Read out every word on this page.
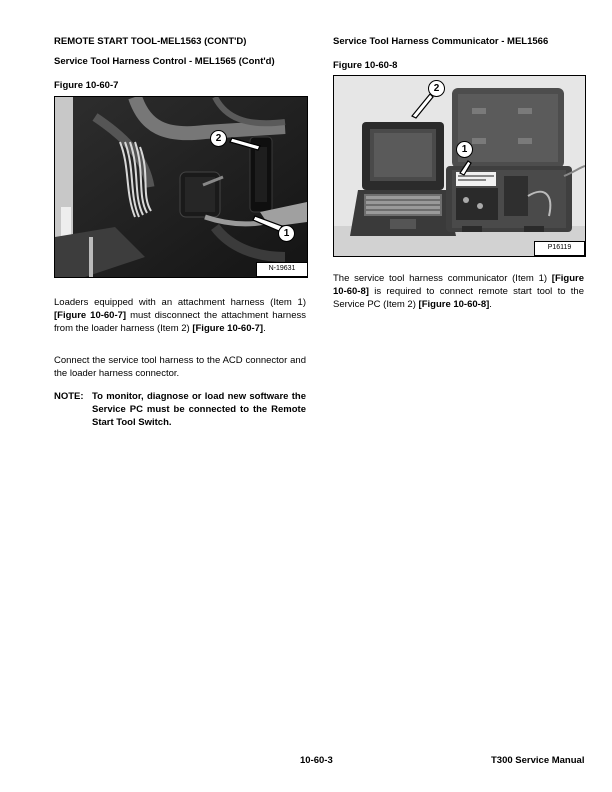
REMOTE START TOOL-MEL1563 (CONT'D)
Service Tool Harness Control - MEL1565 (Cont'd)
Figure 10-60-7
1
2
N-19631
Loaders equipped with an attachment harness (Item 1) [Figure 10-60-7] must disconnect the attachment harness from the loader harness (Item 2) [Figure 10-60-7].
Connect the service tool harness to the ACD connector and the loader harness connector.
NOTE: To monitor, diagnose or load new software the Service PC must be connected to the Remote Start Tool Switch.
Service Tool Harness Communicator - MEL1566
Figure 10-60-8
2
1
P16119
The service tool harness communicator (Item 1) [Figure 10-60-8] is required to connect remote start tool to the Service PC (Item 2) [Figure 10-60-8].
10-60-3	T300 Service Manual
